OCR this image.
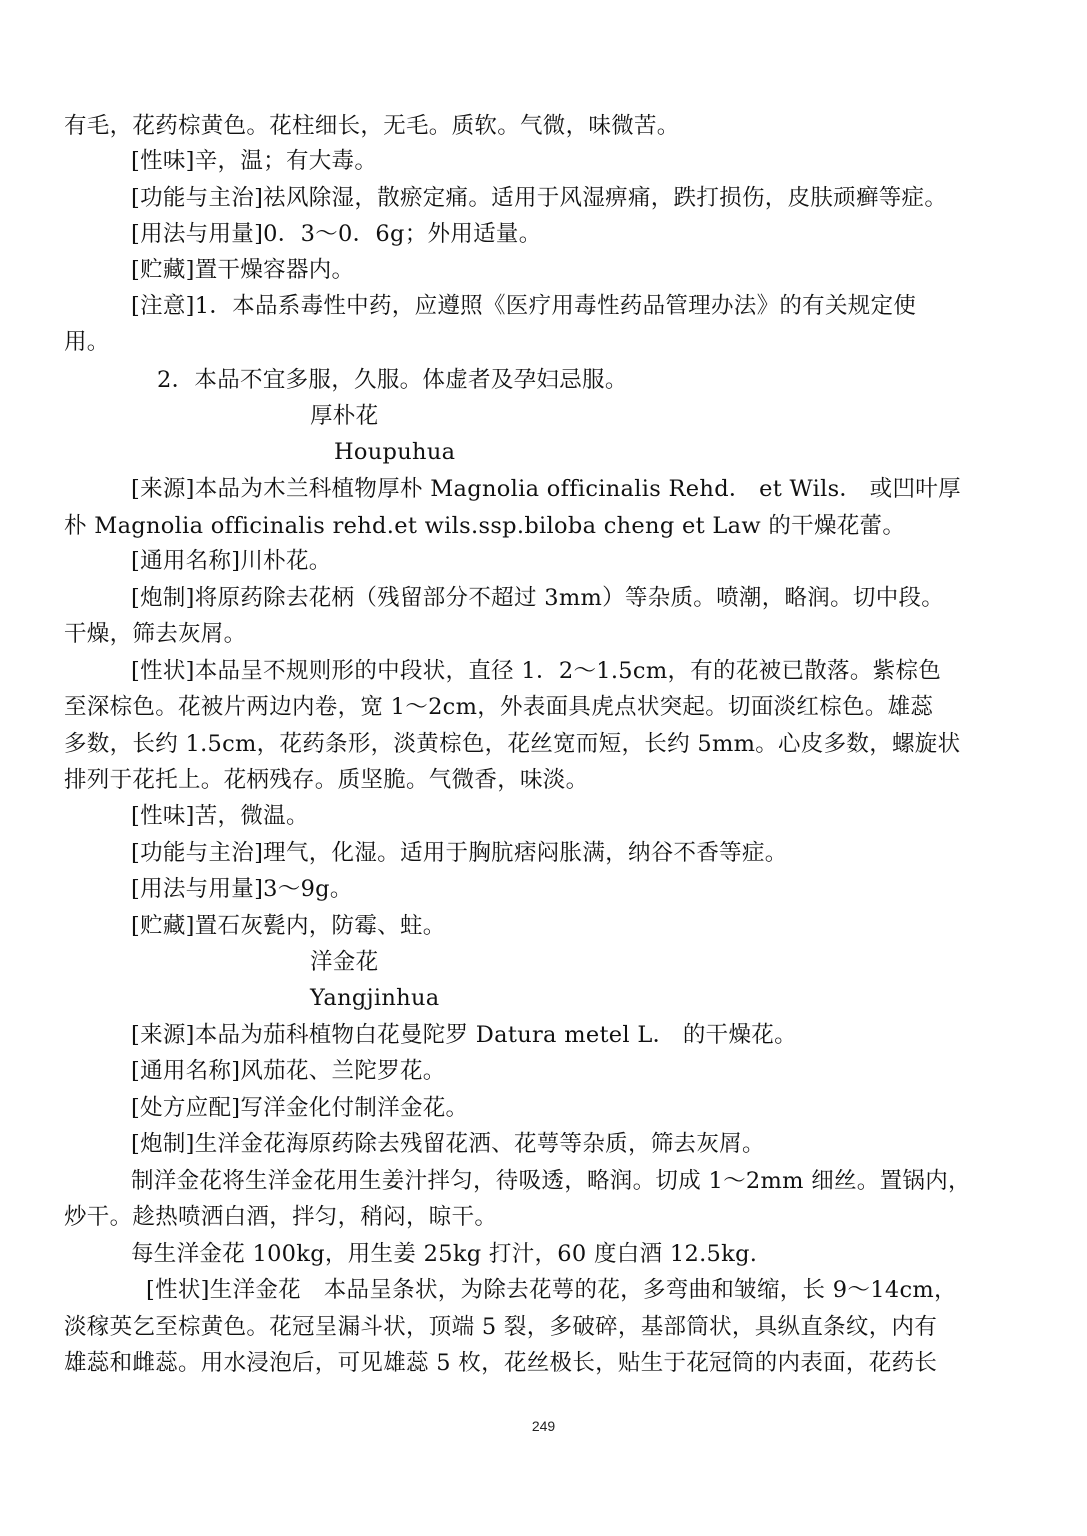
有毛，花药棕黄色。花柱细长，无毛。质软。气微，味微苦。
[性味]辛，温；有大毒。
[功能与主治]祛风除湿，散瘀定痛。适用于风湿痹痛，跌打损伤，皮肤顽癣等症。
[用法与用量]0．3～0．6g；外用适量。
[贮藏]置干燥容器内。
[注意]1．本品系毒性中药，应遵照《医疗用毒性药品管理办法》的有关规定使
用。
2．本品不宜多服，久服。体虚者及孕妇忌服。
厚朴花
Houpuhua
[来源]本品为木兰科植物厚朴 Magnolia officinalis Rehd． et Wils． 或凹叶厚
朴 Magnolia officinalis rehd.et wils.ssp.biloba cheng et Law 的干燥花蕾。
[通用名称]川朴花。
[炮制]将原药除去花柄（残留部分不超过 3mm）等杂质。喷潮，略润。切中段。
干燥，筛去灰屑。
[性状]本品呈不规则形的中段状，直径 1．2～1.5cm，有的花被已散落。紫棕色
至深棕色。花被片两边内卷，宽 1～2cm，外表面具虎点状突起。切面淡红棕色。雄蕊
多数，长约 1.5cm，花药条形，淡黄棕色，花丝宽而短，长约 5mm。心皮多数，螺旋状
排列于花托上。花柄残存。质坚脆。气微香，味淡。
[性味]苦，微温。
[功能与主治]理气，化湿。适用于胸肮痞闷胀满，纳谷不香等症。
[用法与用量]3～9g。
[贮藏]置石灰甏内，防霉、蛀。
洋金花
Yangjinhua
[来源]本品为茄科植物白花曼陀罗 Datura metel L． 的干燥花。
[通用名称]风茄花、兰陀罗花。
[处方应配]写洋金化付制洋金花。
[炮制]生洋金花海原药除去残留花洒、花萼等杂质，筛去灰屑。
制洋金花将生洋金花用生姜汁拌匀，待吸透，略润。切成 1～2mm 细丝。置锅内，
炒干。趁热喷洒白酒，拌匀，稍闷，晾干。
每生洋金花 100kg，用生姜 25kg 打汁，60 度白酒 12.5kg.
[性状]生洋金花　本品呈条状，为除去花萼的花，多弯曲和皱缩，长 9～14cm，
淡稼英乞至棕黄色。花冠呈漏斗状，顶端 5 裂，多破碎，基部筒状，具纵直条纹，内有
雄蕊和雌蕊。用水浸泡后，可见雄蕊 5 枚，花丝极长，贴生于花冠筒的内表面，花药长
249
